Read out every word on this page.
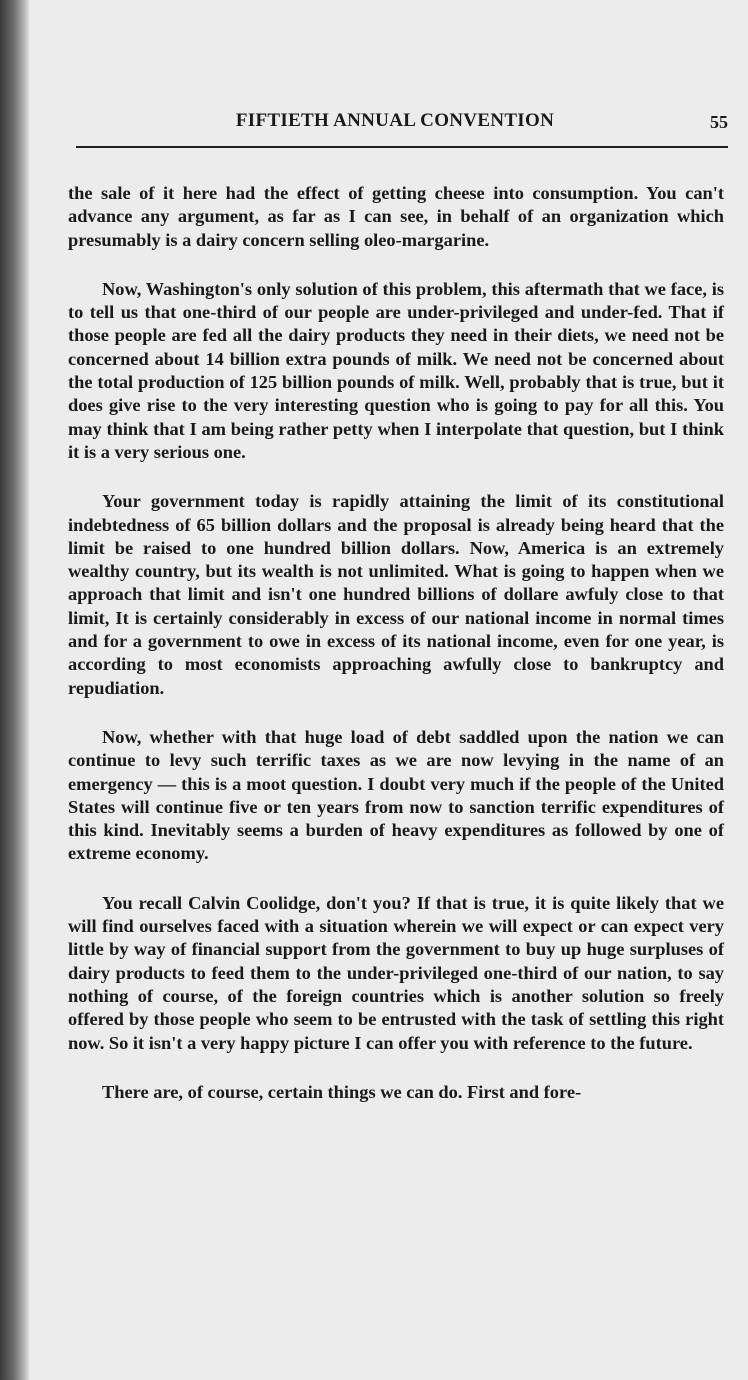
FIFTIETH ANNUAL CONVENTION	55

the sale of it here had the effect of getting cheese into consumption. You can't advance any argument, as far as I can see, in behalf of an organization which presumably is a dairy concern selling oleo-margarine.

Now, Washington's only solution of this problem, this aftermath that we face, is to tell us that one-third of our people are under-privileged and under-fed. That if those people are fed all the dairy products they need in their diets, we need not be concerned about 14 billion extra pounds of milk. We need not be concerned about the total production of 125 billion pounds of milk. Well, probably that is true, but it does give rise to the very interesting question who is going to pay for all this. You may think that I am being rather petty when I interpolate that question, but I think it is a very serious one.

Your government today is rapidly attaining the limit of its constitutional indebtedness of 65 billion dollars and the proposal is already being heard that the limit be raised to one hundred billion dollars. Now, America is an extremely wealthy country, but its wealth is not unlimited. What is going to happen when we approach that limit and isn't one hundred billions of dollare awfuly close to that limit, It is certainly considerably in excess of our national income in normal times and for a government to owe in excess of its national income, even for one year, is according to most economists approaching awfully close to bankruptcy and repudiation.

Now, whether with that huge load of debt saddled upon the nation we can continue to levy such terrific taxes as we are now levying in the name of an emergency — this is a moot question. I doubt very much if the people of the United States will continue five or ten years from now to sanction terrific expenditures of this kind. Inevitably seems a burden of heavy expenditures as followed by one of extreme economy.

You recall Calvin Coolidge, don't you? If that is true, it is quite likely that we will find ourselves faced with a situation wherein we will expect or can expect very little by way of financial support from the government to buy up huge surpluses of dairy products to feed them to the under-privileged one-third of our nation, to say nothing of course, of the foreign countries which is another solution so freely offered by those people who seem to be entrusted with the task of settling this right now. So it isn't a very happy picture I can offer you with reference to the future.

There are, of course, certain things we can do. First and fore-
